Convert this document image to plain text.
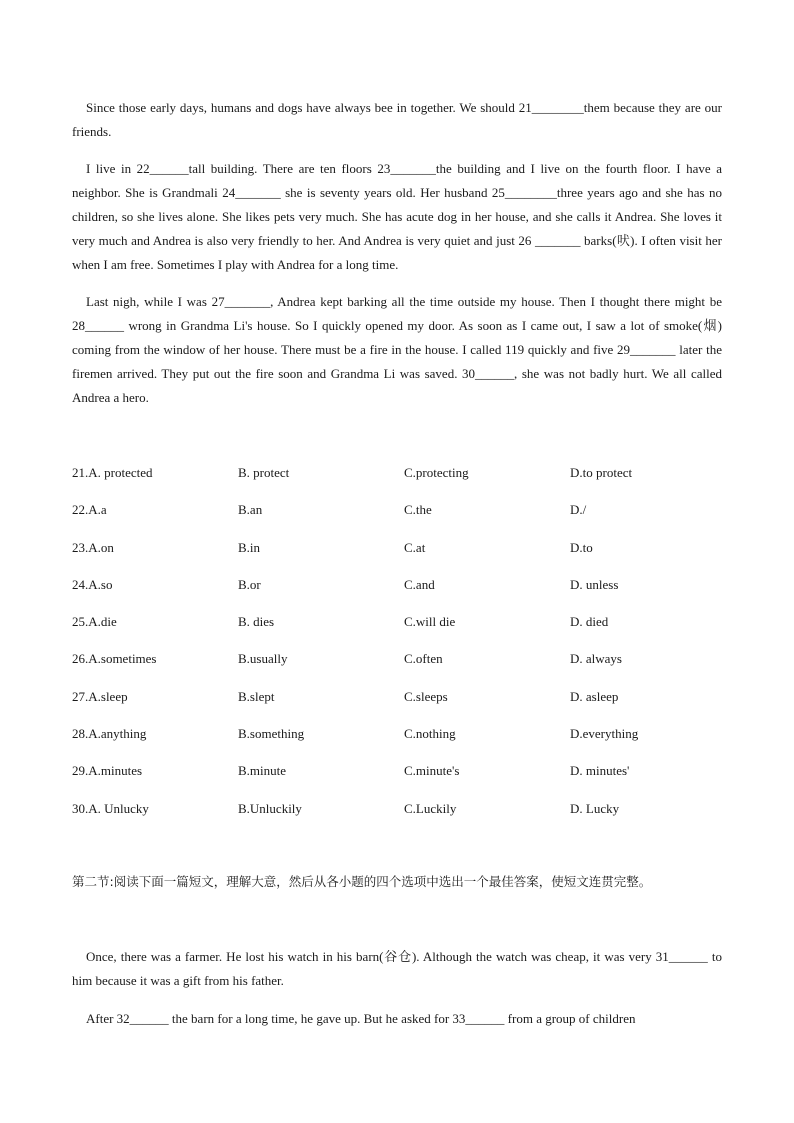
Since those early days, humans and dogs have always bee in together. We should 21________them because they are our friends.

I live in 22______tall building. There are ten floors 23_______the building and I live on the fourth floor. I have a neighbor. She is Grandmali 24_______ she is seventy years old. Her husband 25________three years ago and she has no children, so she lives alone. She likes pets very much. She has acute dog in her house, and she calls it Andrea. She loves it very much and Andrea is also very friendly to her. And Andrea is very quiet and just 26 _______ barks(吠). I often visit her when I am free. Sometimes I play with Andrea for a long time.

Last nigh, while I was 27_______, Andrea kept barking all the time outside my house. Then I thought there might be 28______ wrong in Grandma Li's house. So I quickly opened my door. As soon as I came out, I saw a lot of smoke(烟) coming from the window of her house. There must be a fire in the house. I called 119 quickly and five 29_______ later the firemen arrived. They put out the fire soon and Grandma Li was saved. 30______, she was not badly hurt. We all called Andrea a hero.

21.A. protected	B. protect	C.protecting	D.to protect
22.A.a	B.an	C.the	D./
23.A.on	B.in	C.at	D.to
24.A.so	B.or	C.and	D. unless
25.A.die	B. dies	C.will die	D. died
26.A.sometimes	B.usually	C.often	D. always
27.A.sleep	B.slept	C.sleeps	D. asleep
28.A.anything	B.something	C.nothing	D.everything
29.A.minutes	B.minute	C.minute's	D. minutes'
30.A. Unlucky	B.Unluckily	C.Luckily	D. Lucky

第二节:阅读下面一篇短文，理解大意，然后从各小题的四个选项中选出一个最佳答案，使短文连贯完整。

Once, there was a farmer. He lost his watch in his barn(谷仓). Although the watch was cheap, it was very 31______ to him because it was a gift from his father.

After 32______ the barn for a long time, he gave up. But he asked for 33______ from a group of children
